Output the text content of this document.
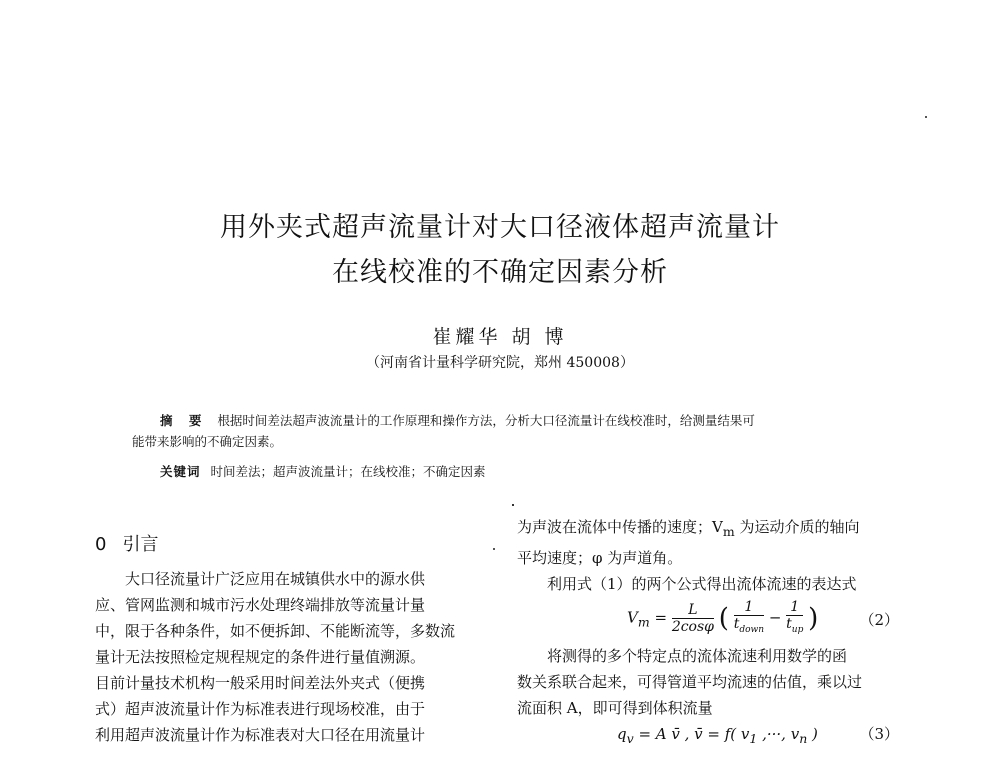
用外夹式超声流量计对大口径液体超声流量计
在线校准的不确定因素分析
崔耀华 胡 博
（河南省计量科学研究院，郑州 450008）
摘 要 根据时间差法超声波流量计的工作原理和操作方法，分析大口径流量计在线校准时，给测量结果可
能带来影响的不确定因素。
关键词 时间差法；超声波流量计；在线校准；不确定因素
0 引言

大口径流量计广泛应用在城镇供水中的源水供

应、管网监测和城市污水处理终端排放等流量计量

中，限于各种条件，如不便拆卸、不能断流等，多数流

量计无法按照检定规程规定的条件进行量值溯源。

目前计量技术机构一般采用时间差法外夹式（便携

式）超声波流量计作为标准表进行现场校准，由于

利用超声波流量计作为标准表对大口径在用流量计

为声波在流体中传播的速度；$V_m$ 为运动介质的轴向

平均速度；φ 为声道角。

利用式（1）的两个公式得出流体流速的表达式

$V_m = \frac{L}{2\cos\varphi}$ ( $\frac{1}{t_{down}} - \frac{1}{t_{up}}$ )	（2）

将测得的多个特定点的流体流速利用数学的函

数关系联合起来，可得管道平均流速的估值，乘以过

流面积 A，即可得到体积流量

$q_v = A$ v̄ , v̄ = f( $v_1$ ,···, $v_n$ )	（3）
